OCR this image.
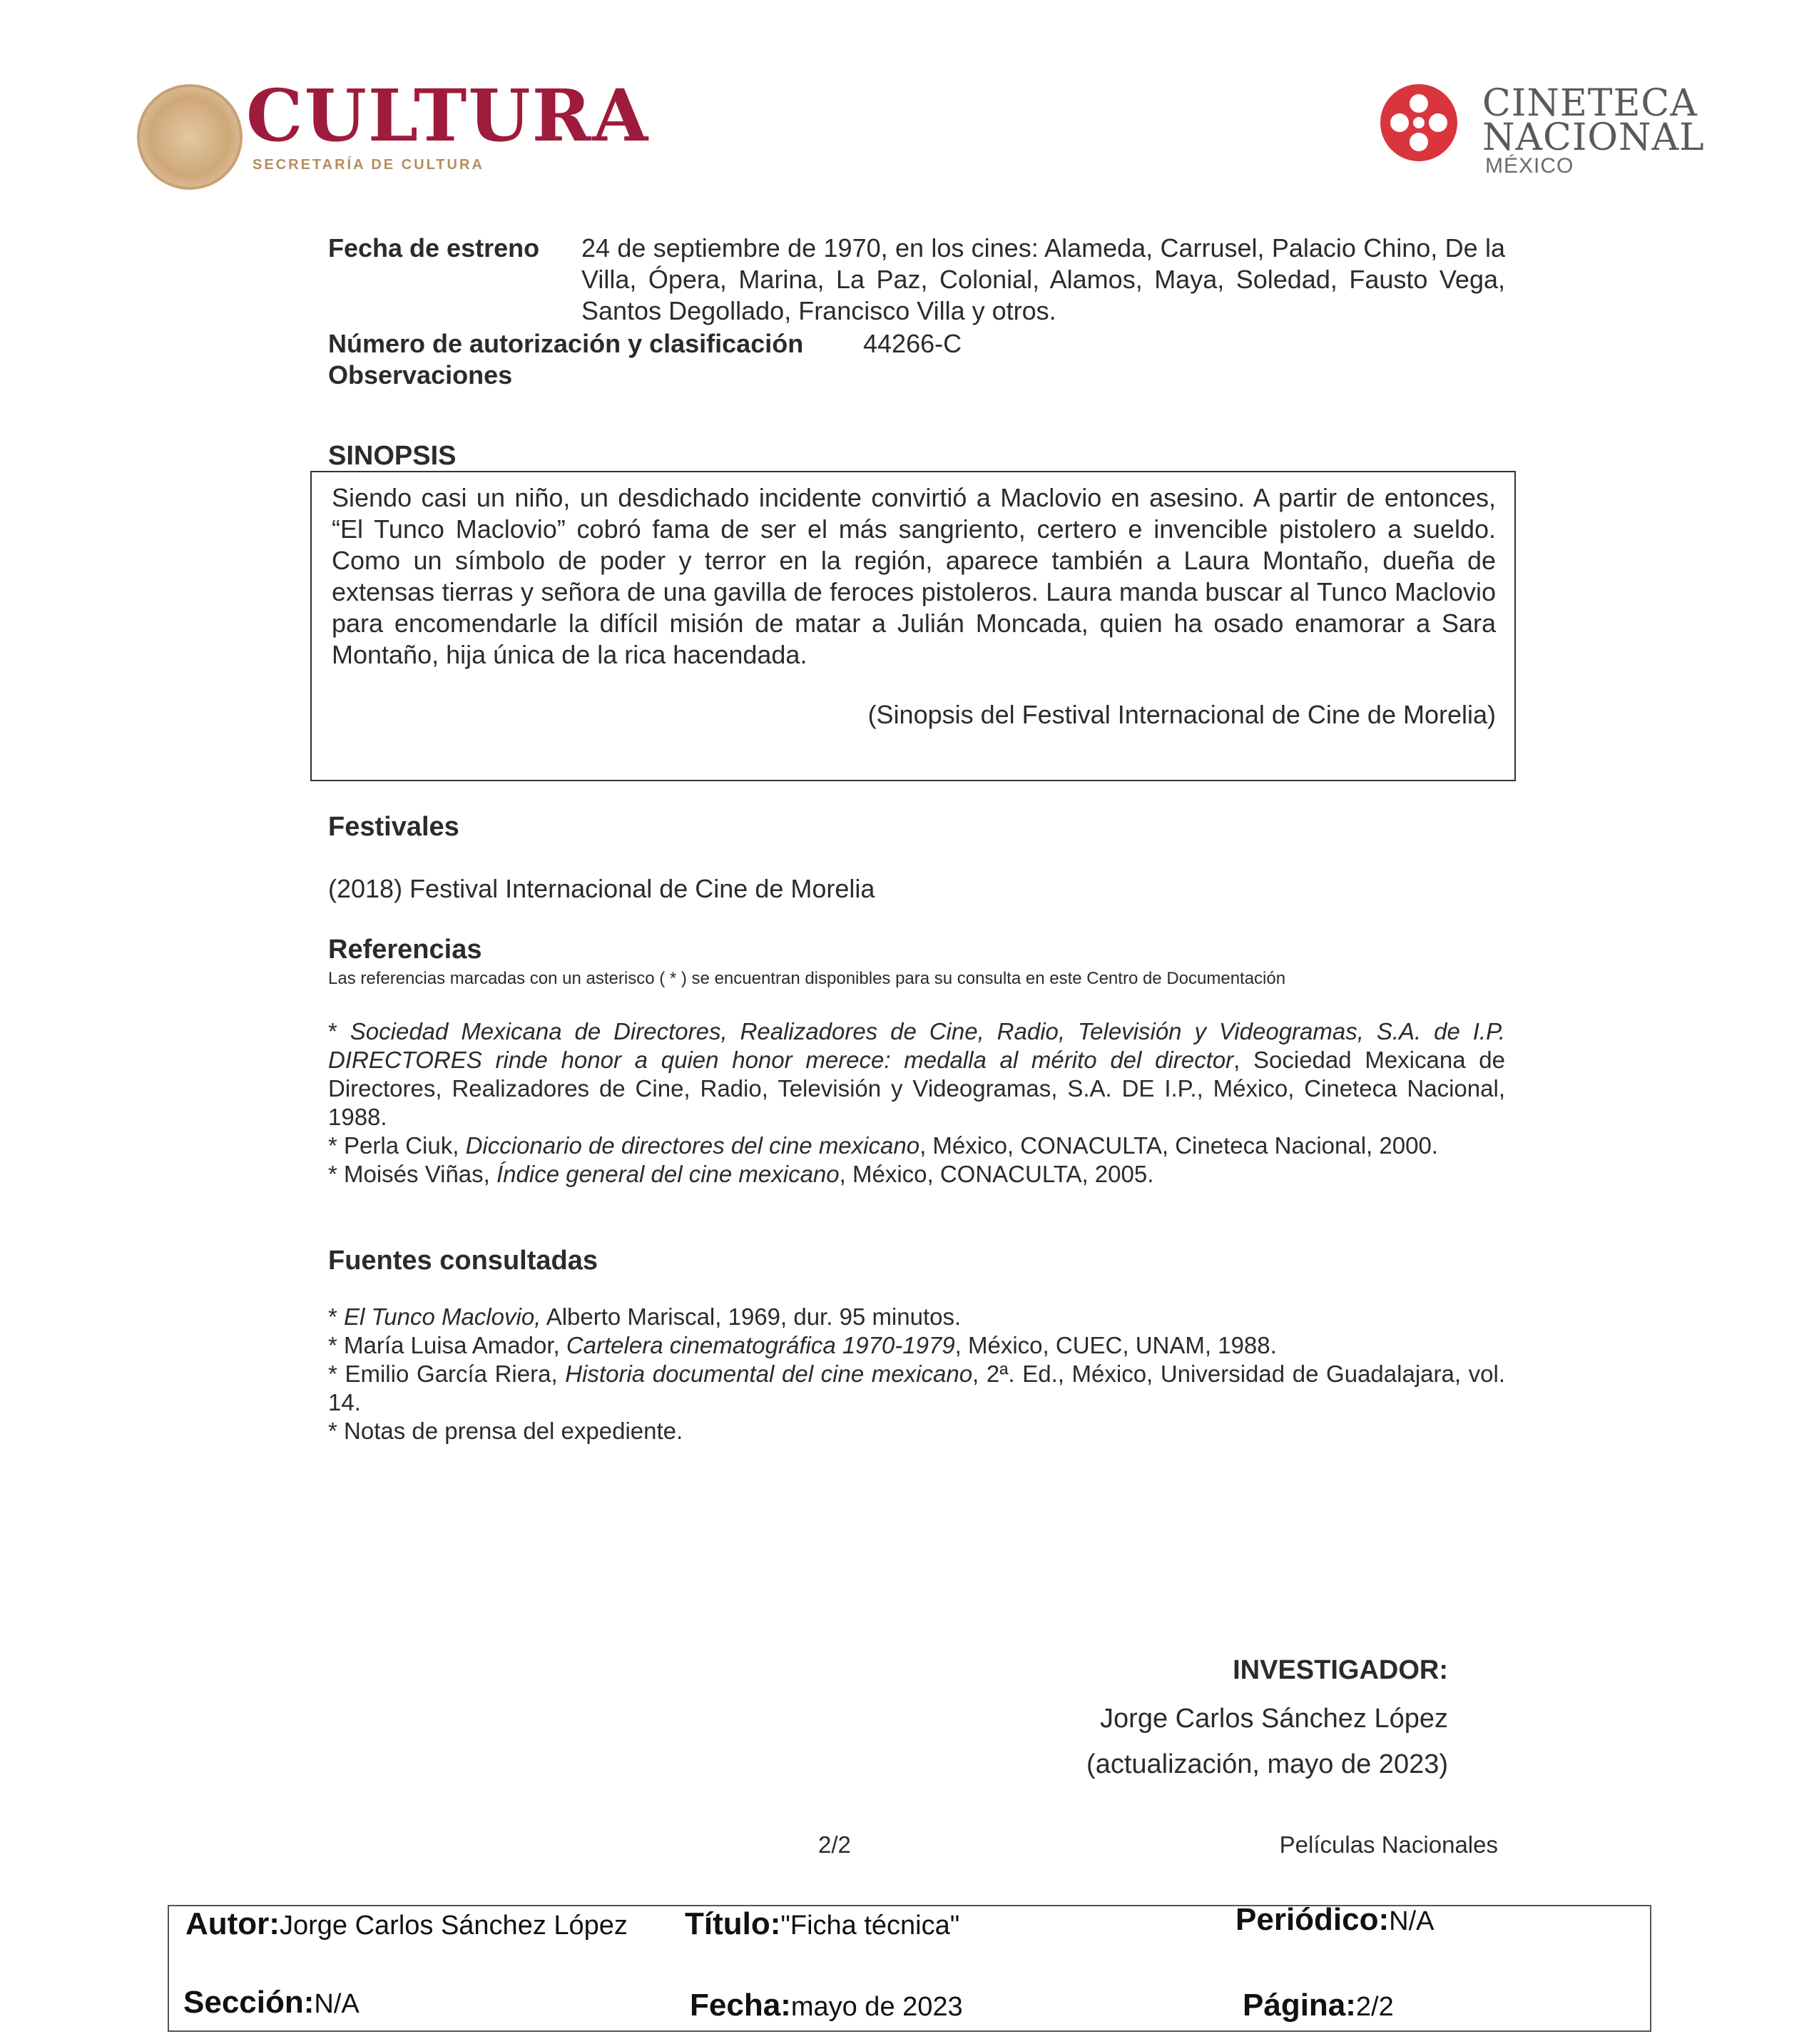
CULTURA
SECRETARÍA DE CULTURA
CINETECA
NACIONAL
MÉXICO
Fecha de estreno 24 de septiembre de 1970, en los cines: Alameda, Carrusel, Palacio Chino, De la Villa, Ópera, Marina, La Paz, Colonial, Alamos, Maya, Soledad, Fausto Vega, Santos Degollado, Francisco Villa y otros.
Número de autorización y clasificación 44266-C
Observaciones
SINOPSIS
Siendo casi un niño, un desdichado incidente convirtió a Maclovio en asesino. A partir de entonces, “El Tunco Maclovio” cobró fama de ser el más sangriento, certero e invencible pistolero a sueldo. Como un símbolo de poder y terror en la región, aparece también a Laura Montaño, dueña de extensas tierras y señora de una gavilla de feroces pistoleros. Laura manda buscar al Tunco Maclovio para encomendarle la difícil misión de matar a Julián Moncada, quien ha osado enamorar a Sara Montaño, hija única de la rica hacendada.
(Sinopsis del Festival Internacional de Cine de Morelia)
Festivales
(2018) Festival Internacional de Cine de Morelia
Referencias
Las referencias marcadas con un asterisco ( * ) se encuentran disponibles para su consulta en este Centro de Documentación

* Sociedad Mexicana de Directores, Realizadores de Cine, Radio, Televisión y Videogramas, S.A. de I.P. DIRECTORES rinde honor a quien honor merece: medalla al mérito del director, Sociedad Mexicana de Directores, Realizadores de Cine, Radio, Televisión y Videogramas, S.A. DE I.P., México, Cineteca Nacional, 1988.

* Perla Ciuk, Diccionario de directores del cine mexicano, México, CONACULTA, Cineteca Nacional, 2000.

* Moisés Viñas, Índice general del cine mexicano, México, CONACULTA, 2005.

Fuentes consultadas

* El Tunco Maclovio, Alberto Mariscal, 1969, dur. 95 minutos.

* María Luisa Amador, Cartelera cinematográfica 1970-1979, México, CUEC, UNAM, 1988.

* Emilio García Riera, Historia documental del cine mexicano, 2ª. Ed., México, Universidad de Guadalajara, vol. 14.

* Notas de prensa del expediente.

INVESTIGADOR:
Jorge Carlos Sánchez López
(actualización, mayo de 2023)
2/2	Películas Nacionales
Autor:Jorge Carlos Sánchez López Título:"Ficha técnica"	Periódico:N/A
Sección:N/A	Fecha:mayo de 2023	Página:2/2
